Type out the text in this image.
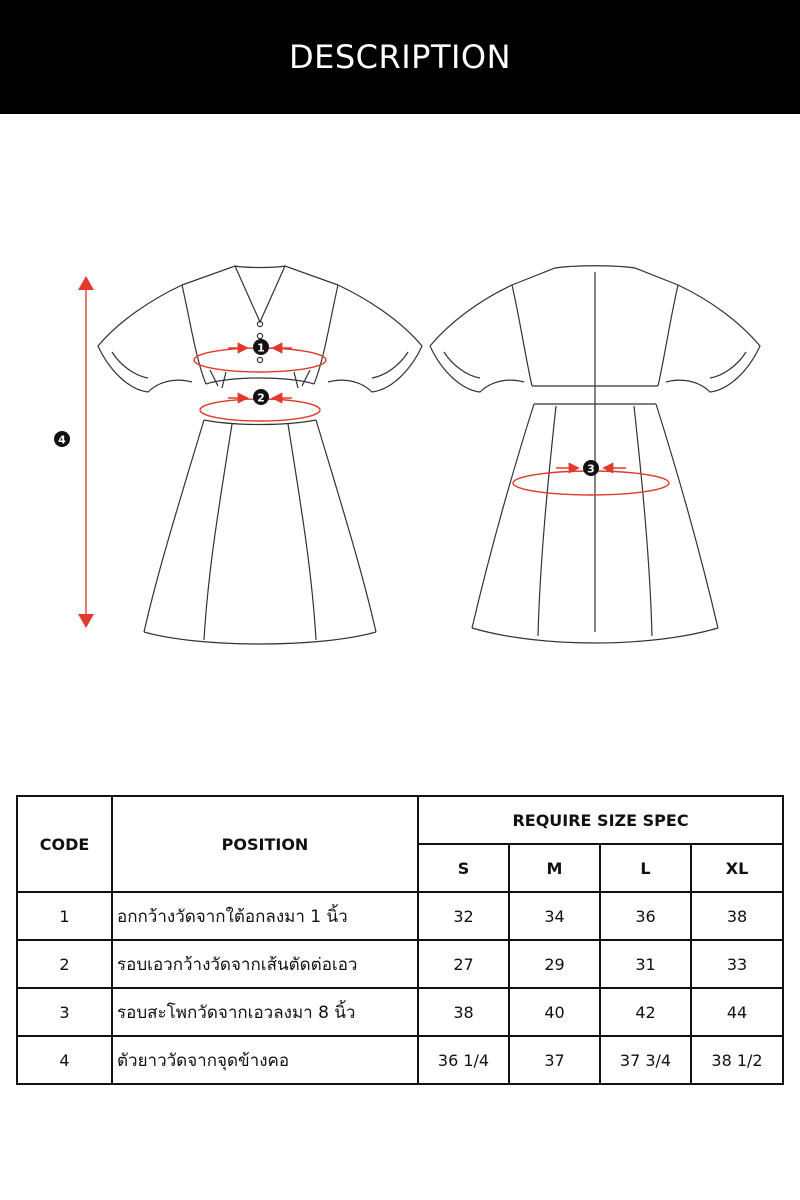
DESCRIPTION
1
2
3
4
CODE	POSITION	REQUIRE SIZE SPEC			
		S	M	L	XL
1	อกกว้างวัดจากใต้อกลงมา 1 นิ้ว	32	34	36	38
2	รอบเอวกว้างวัดจากเส้นตัดต่อเอว	27	29	31	33
3	รอบสะโพกวัดจากเอวลงมา 8 นิ้ว	38	40	42	44
4	ตัวยาววัดจากจุดข้างคอ	36 1/4	37	37 3/4	38 1/2
